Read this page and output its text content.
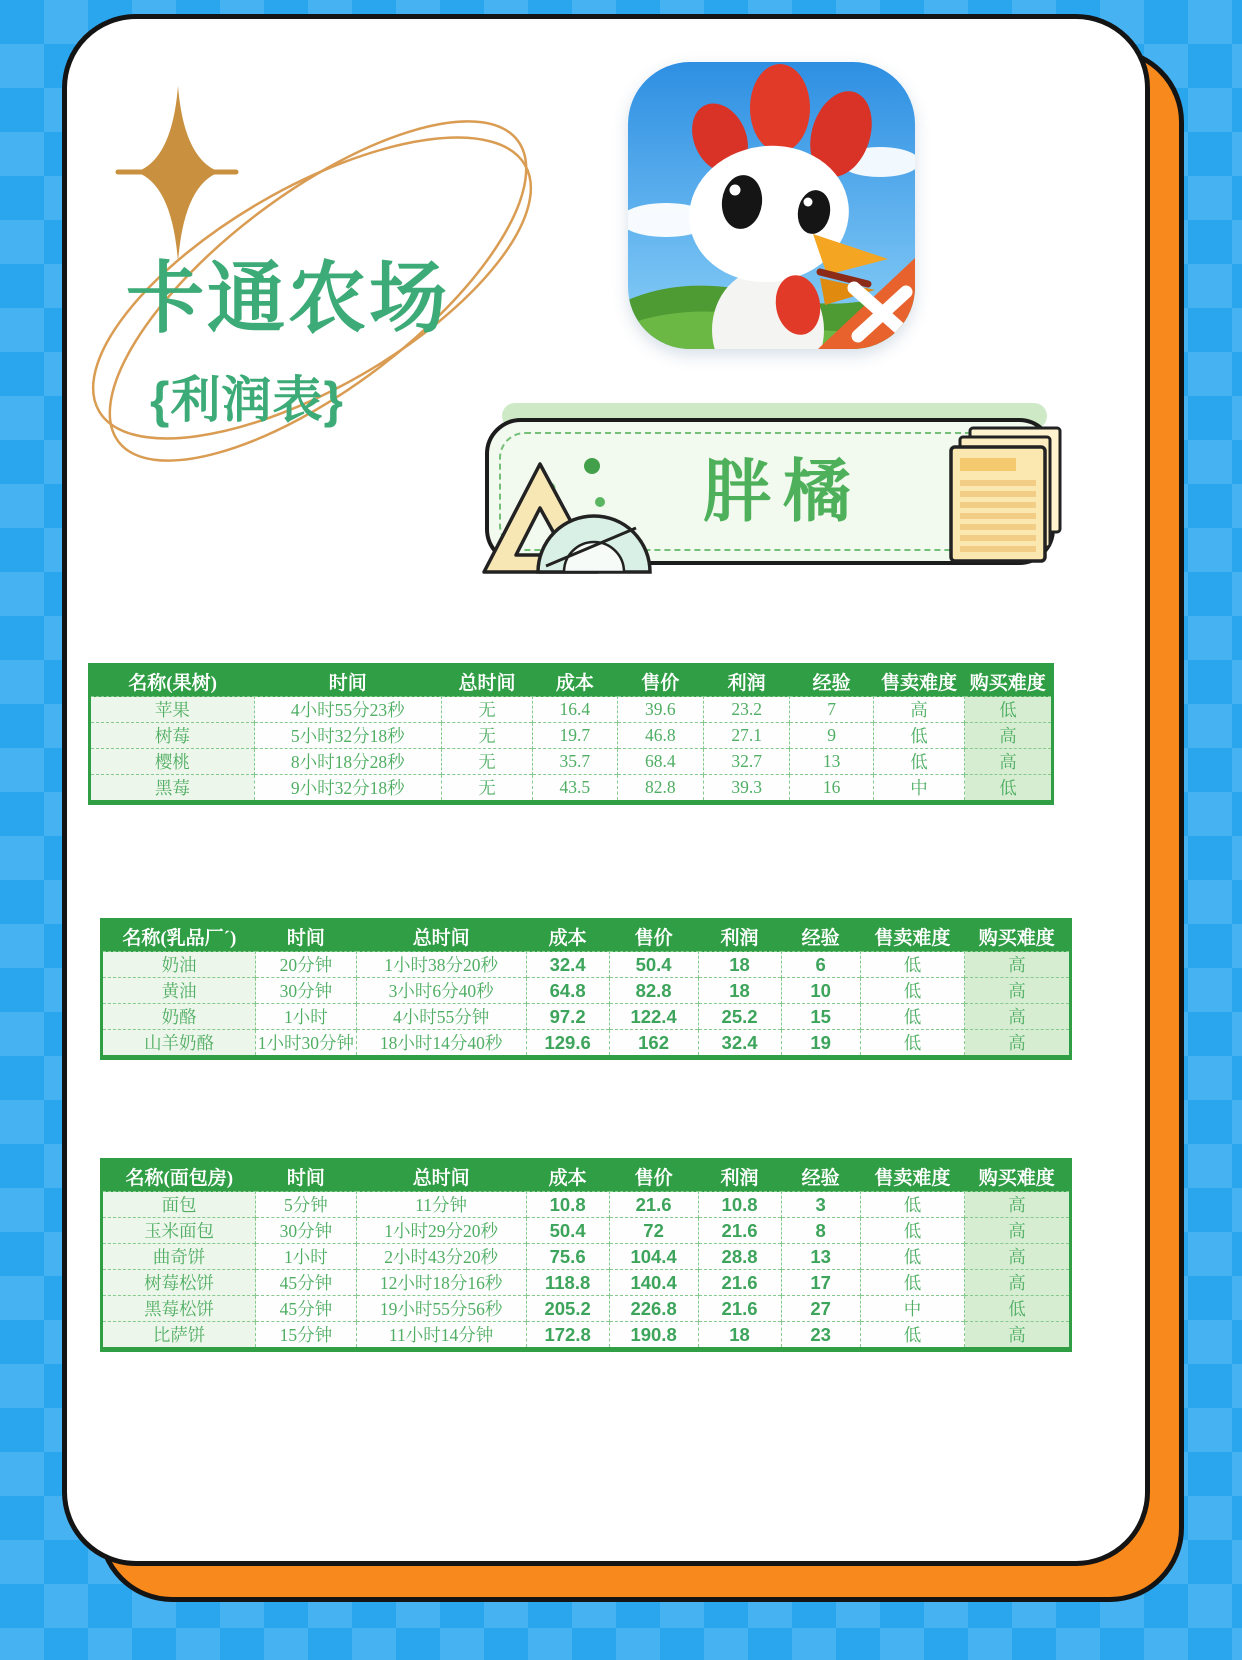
卡通农场
{利润表}
胖橘
名称(果树)	时间	总时间	成本	售价	利润	经验	售卖难度	购买难度
苹果	4小时55分23秒	无	16.4	39.6	23.2	7	高	低
树莓	5小时32分18秒	无	19.7	46.8	27.1	9	低	高
樱桃	8小时18分28秒	无	35.7	68.4	32.7	13	低	高
黑莓	9小时32分18秒	无	43.5	82.8	39.3	16	中	低
名称(乳品厂´)	时间	总时间	成本	售价	利润	经验	售卖难度	购买难度
奶油	20分钟	1小时38分20秒	32.4	50.4	18	6	低	高
黄油	30分钟	3小时6分40秒	64.8	82.8	18	10	低	高
奶酪	1小时	4小时55分钟	97.2	122.4	25.2	15	低	高
山羊奶酪	1小时30分钟	18小时14分40秒	129.6	162	32.4	19	低	高
名称(面包房)	时间	总时间	成本	售价	利润	经验	售卖难度	购买难度
面包	5分钟	11分钟	10.8	21.6	10.8	3	低	高
玉米面包	30分钟	1小时29分20秒	50.4	72	21.6	8	低	高
曲奇饼	1小时	2小时43分20秒	75.6	104.4	28.8	13	低	高
树莓松饼	45分钟	12小时18分16秒	118.8	140.4	21.6	17	低	高
黑莓松饼	45分钟	19小时55分56秒	205.2	226.8	21.6	27	中	低
比萨饼	15分钟	11小时14分钟	172.8	190.8	18	23	低	高
